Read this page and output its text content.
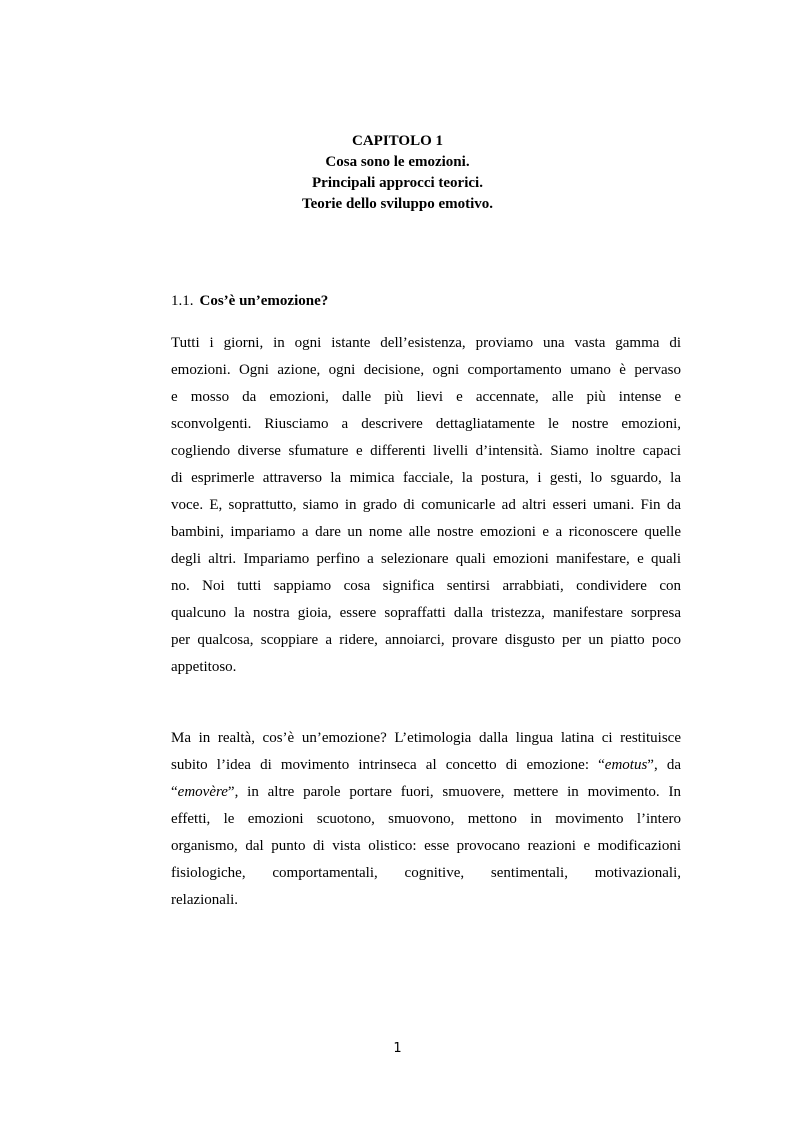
CAPITOLO 1
Cosa sono le emozioni.
Principali approcci teorici.
Teorie dello sviluppo emotivo.
1.1. Cos’è un’emozione?
Tutti i giorni, in ogni istante dell’esistenza, proviamo una vasta gamma di
emozioni. Ogni azione, ogni decisione, ogni comportamento umano è pervaso
e mosso da emozioni, dalle più lievi e accennate, alle più intense e
sconvolgenti. Riusciamo a descrivere dettagliatamente le nostre emozioni,
cogliendo diverse sfumature e differenti livelli d’intensità. Siamo inoltre capaci
di esprimerle attraverso la mimica facciale, la postura, i gesti, lo sguardo, la
voce. E, soprattutto, siamo in grado di comunicarle ad altri esseri umani. Fin da
bambini, impariamo a dare un nome alle nostre emozioni e a riconoscere quelle
degli altri. Impariamo perfino a selezionare quali emozioni manifestare, e quali
no. Noi tutti sappiamo cosa significa sentirsi arrabbiati, condividere con
qualcuno la nostra gioia, essere sopraffatti dalla tristezza, manifestare sorpresa
per qualcosa, scoppiare a ridere, annoiarci, provare disgusto per un piatto poco
appetitoso.
Ma in realtà, cos’è un’emozione? L’etimologia dalla lingua latina ci restituisce
subito l’idea di movimento intrinseca al concetto di emozione: “emotus”, da
“emovère”, in altre parole portare fuori, smuovere, mettere in movimento. In
effetti, le emozioni scuotono, smuovono, mettono in movimento l’intero
organismo, dal punto di vista olistico: esse provocano reazioni e modificazioni
fisiologiche, comportamentali, cognitive, sentimentali, motivazionali,
relazionali.
1
